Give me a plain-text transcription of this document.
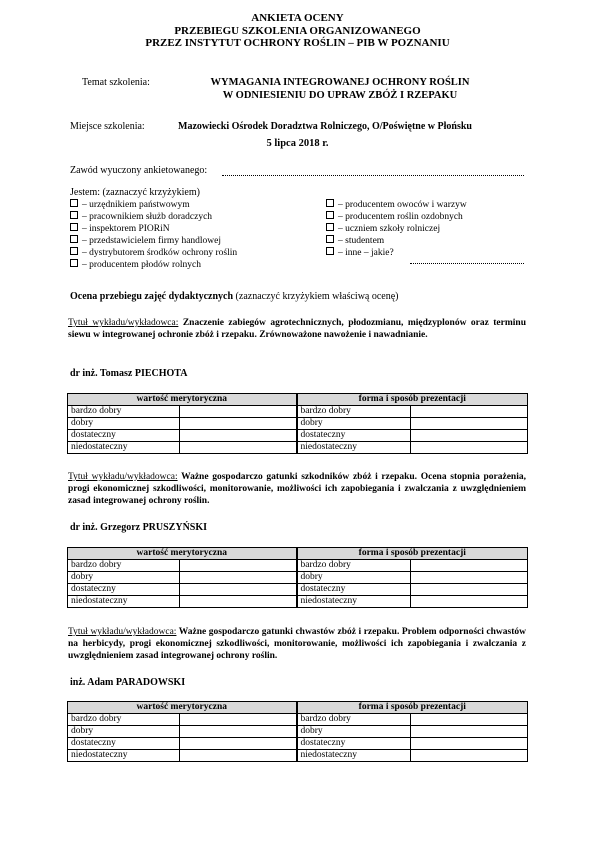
ANKIETA OCENY
PRZEBIEGU SZKOLENIA ORGANIZOWANEGO
PRZEZ INSTYTUT OCHRONY ROŚLIN – PIB W POZNANIU
Temat szkolenia:	WYMAGANIA INTEGROWANEJ OCHRONY ROŚLIN
W ODNIESIENIU DO UPRAW ZBÓŻ I RZEPAKU
Miejsce szkolenia:	Mazowiecki Ośrodek Doradztwa Rolniczego, O/Poświętne w Płońsku
5 lipca 2018 r.
Zawód wyuczony ankietowanego:
Jestem: (zaznaczyć krzyżykiem)
– urzędnikiem państwowym
– pracownikiem służb doradczych
– inspektorem PIORiN
– przedstawicielem firmy handlowej
– dystrybutorem środków ochrony roślin
– producentem płodów rolnych
– producentem owoców i warzyw
– producentem roślin ozdobnych
– uczniem szkoły rolniczej
– studentem
– inne – jakie?
Ocena przebiegu zajęć dydaktycznych (zaznaczyć krzyżykiem właściwą ocenę)
Tytuł wykładu/wykładowca: Znaczenie zabiegów agrotechnicznych, płodozmianu, międzyplonów oraz terminu siewu w integrowanej ochronie zbóż i rzepaku. Zrównoważone nawożenie i nawadnianie.
dr inż. Tomasz PIECHOTA
wartość merytoryczna		forma i sposób prezentacji	
bardzo dobry		bardzo dobry	
dobry		dobry	
dostateczny		dostateczny	
niedostateczny		niedostateczny	
Tytuł wykładu/wykładowca: Ważne gospodarczo gatunki szkodników zbóż i rzepaku. Ocena stopnia porażenia, progi ekonomicznej szkodliwości, monitorowanie, możliwości ich zapobiegania i zwalczania z uwzględnieniem zasad integrowanej ochrony roślin.
dr inż. Grzegorz PRUSZYŃSKI
wartość merytoryczna		forma i sposób prezentacji	
bardzo dobry		bardzo dobry	
dobry		dobry	
dostateczny		dostateczny	
niedostateczny		niedostateczny	
Tytuł wykładu/wykładowca: Ważne gospodarczo gatunki chwastów zbóż i rzepaku. Problem odporności chwastów na herbicydy, progi ekonomicznej szkodliwości, monitorowanie, możliwości ich zapobiegania i zwalczania z uwzględnieniem zasad integrowanej ochrony roślin.
inż. Adam PARADOWSKI
wartość merytoryczna		forma i sposób prezentacji	
bardzo dobry		bardzo dobry	
dobry		dobry	
dostateczny		dostateczny	
niedostateczny		niedostateczny	
